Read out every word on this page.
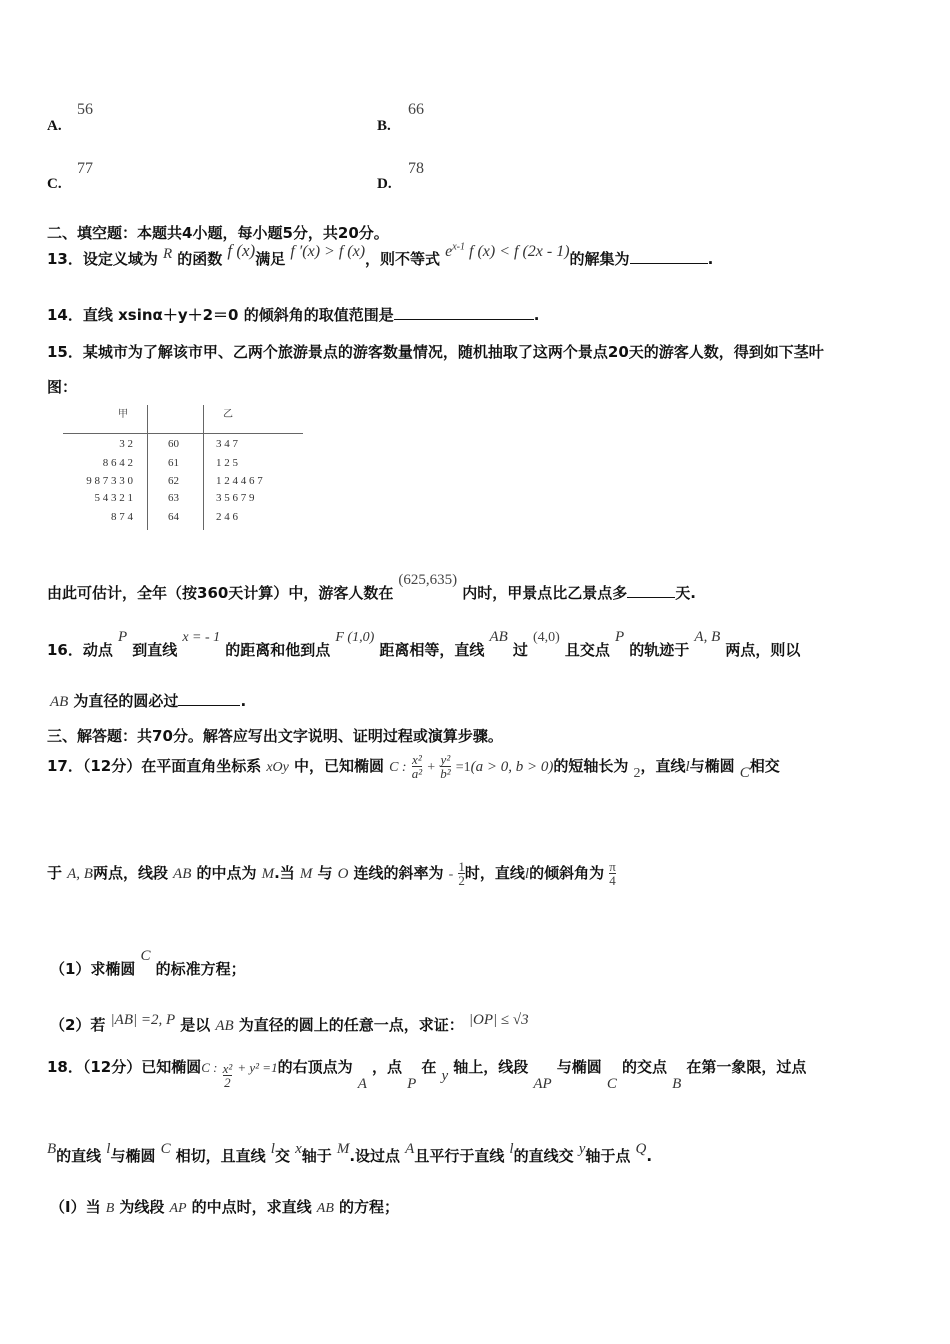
A.
56
B.
66
C.
77
D.
78
二、填空题：本题共4小题，每小题5分，共20分。
13．设定义域为 R 的函数 f (x)满足 f ′(x) > f (x)，则不等式 $e^{x-1}$ f (x) < f (2x - 1)的解集为	.
14．直线 xsinα＋y＋2＝0 的倾斜角的取值范围是	.
15．某城市为了解该市甲、乙两个旅游景点的游客数量情况，随机抽取了这两个景点20天的游客人数，得到如下茎叶
图：
甲	乙
3 2	60	3 4 7
8 6 4 2	61	1 2 5
9 8 7 3 3 0	62	1 2 4 4 6 7
5 4 3 2 1	63	3 5 6 7 9
8 7 4	64	2 4 6
由此可估计，全年（按360天计算）中，游客人数在 (625,635) 内时，甲景点比乙景点多	天.
16．动点 P 到直线 x = - 1 的距离和他到点 F (1,0) 距离相等，直线 AB 过 (4,0) 且交点 P 的轨迹于 A, B 两点，则以
AB 为直径的圆必过	.
三、解答题：共70分。解答应写出文字说明、证明过程或演算步骤。
17．（12分）在平面直角坐标系 xOy 中，已知椭圆 C : $\frac{\text{x²}}{\text{a²}} + \frac{\text{y²}}{\text{b²}} =1(a > 0$, b > 0)的短轴长为 2，直线l与椭圆 C相交
于 A, B两点，线段 AB 的中点为 M.当 M 与 O 连线的斜率为 - $\frac{1}{2}$ 时，直线l的倾斜角为 $\frac{\pi}{4}$
（1）求椭圆 C 的标准方程；
（2）若 |AB| =2, P 是以 AB 为直径的圆上的任意一点，求证： |OP| ≤ √3
18．（12分）已知椭圆$^{C :} \frac{\text{x²}}{2} ^{+ y^2 =1}$的右顶点为 A ，点 P 在 y 轴上，线段 AP 与椭圆 C 的交点 B 在第一象限，过点
B的直线 l与椭圆 C 相切，且直线 l交 x轴于 M.设过点 A且平行于直线 l的直线交 y轴于点 Q.
（Ⅰ）当 B 为线段 AP 的中点时，求直线 AB 的方程；
